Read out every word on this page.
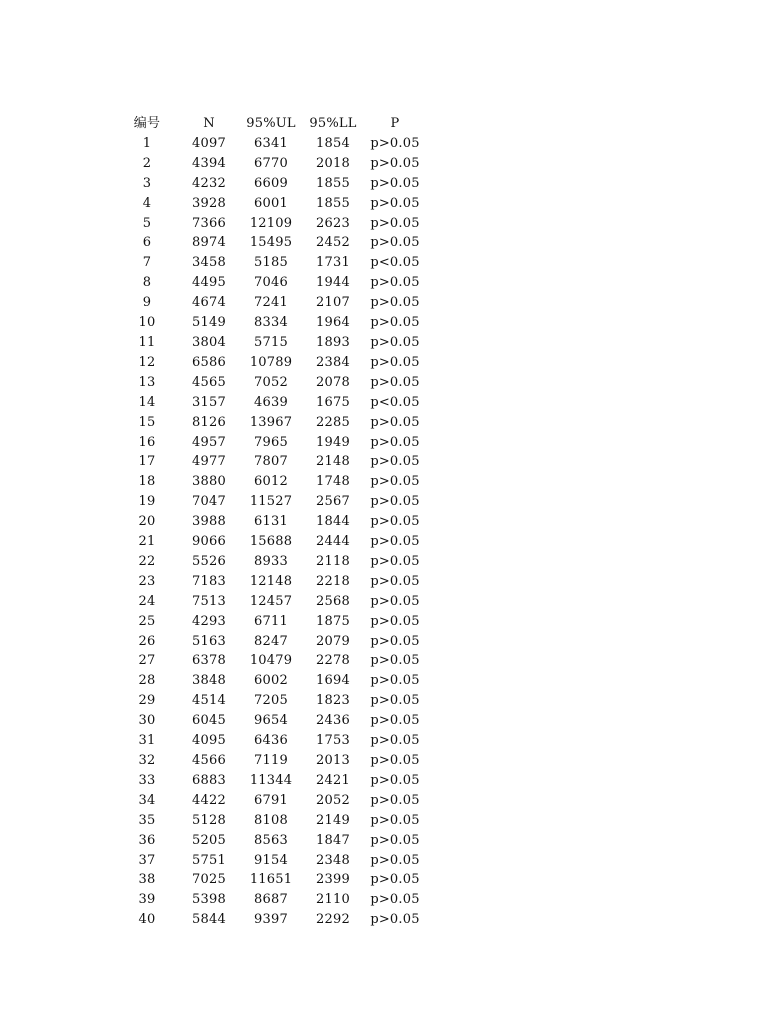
编号	N	95%UL	95%LL	P
1	4097	6341	1854	p>0.05
2	4394	6770	2018	p>0.05
3	4232	6609	1855	p>0.05
4	3928	6001	1855	p>0.05
5	7366	12109	2623	p>0.05
6	8974	15495	2452	p>0.05
7	3458	5185	1731	p<0.05
8	4495	7046	1944	p>0.05
9	4674	7241	2107	p>0.05
10	5149	8334	1964	p>0.05
11	3804	5715	1893	p>0.05
12	6586	10789	2384	p>0.05
13	4565	7052	2078	p>0.05
14	3157	4639	1675	p<0.05
15	8126	13967	2285	p>0.05
16	4957	7965	1949	p>0.05
17	4977	7807	2148	p>0.05
18	3880	6012	1748	p>0.05
19	7047	11527	2567	p>0.05
20	3988	6131	1844	p>0.05
21	9066	15688	2444	p>0.05
22	5526	8933	2118	p>0.05
23	7183	12148	2218	p>0.05
24	7513	12457	2568	p>0.05
25	4293	6711	1875	p>0.05
26	5163	8247	2079	p>0.05
27	6378	10479	2278	p>0.05
28	3848	6002	1694	p>0.05
29	4514	7205	1823	p>0.05
30	6045	9654	2436	p>0.05
31	4095	6436	1753	p>0.05
32	4566	7119	2013	p>0.05
33	6883	11344	2421	p>0.05
34	4422	6791	2052	p>0.05
35	5128	8108	2149	p>0.05
36	5205	8563	1847	p>0.05
37	5751	9154	2348	p>0.05
38	7025	11651	2399	p>0.05
39	5398	8687	2110	p>0.05
40	5844	9397	2292	p>0.05
